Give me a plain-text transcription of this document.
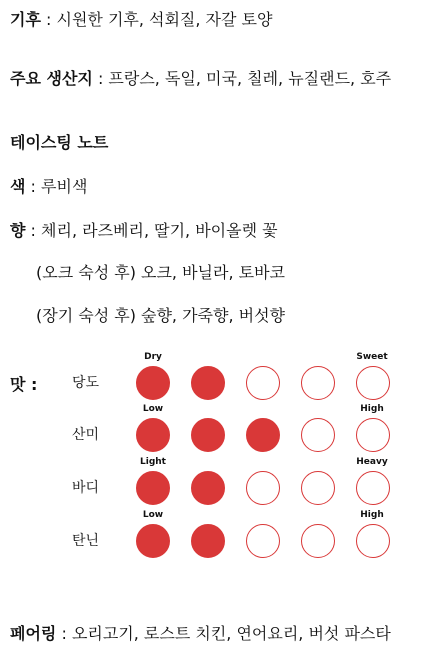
기후 : 시원한 기후, 석회질, 자갈 토양
주요 생산지 : 프랑스, 독일, 미국, 칠레, 뉴질랜드, 호주
테이스팅 노트
색 : 루비색
향 : 체리, 라즈베리, 딸기, 바이올렛 꽃
(오크 숙성 후) 오크, 바닐라, 토바코
(장기 숙성 후) 숲향, 가죽향, 버섯향
맛 : 당도
Dry	Sweet
산미
Low	High
바디
Light	Heavy
탄닌
Low	High
페어링 : 오리고기, 로스트 치킨, 연어요리, 버섯 파스타
